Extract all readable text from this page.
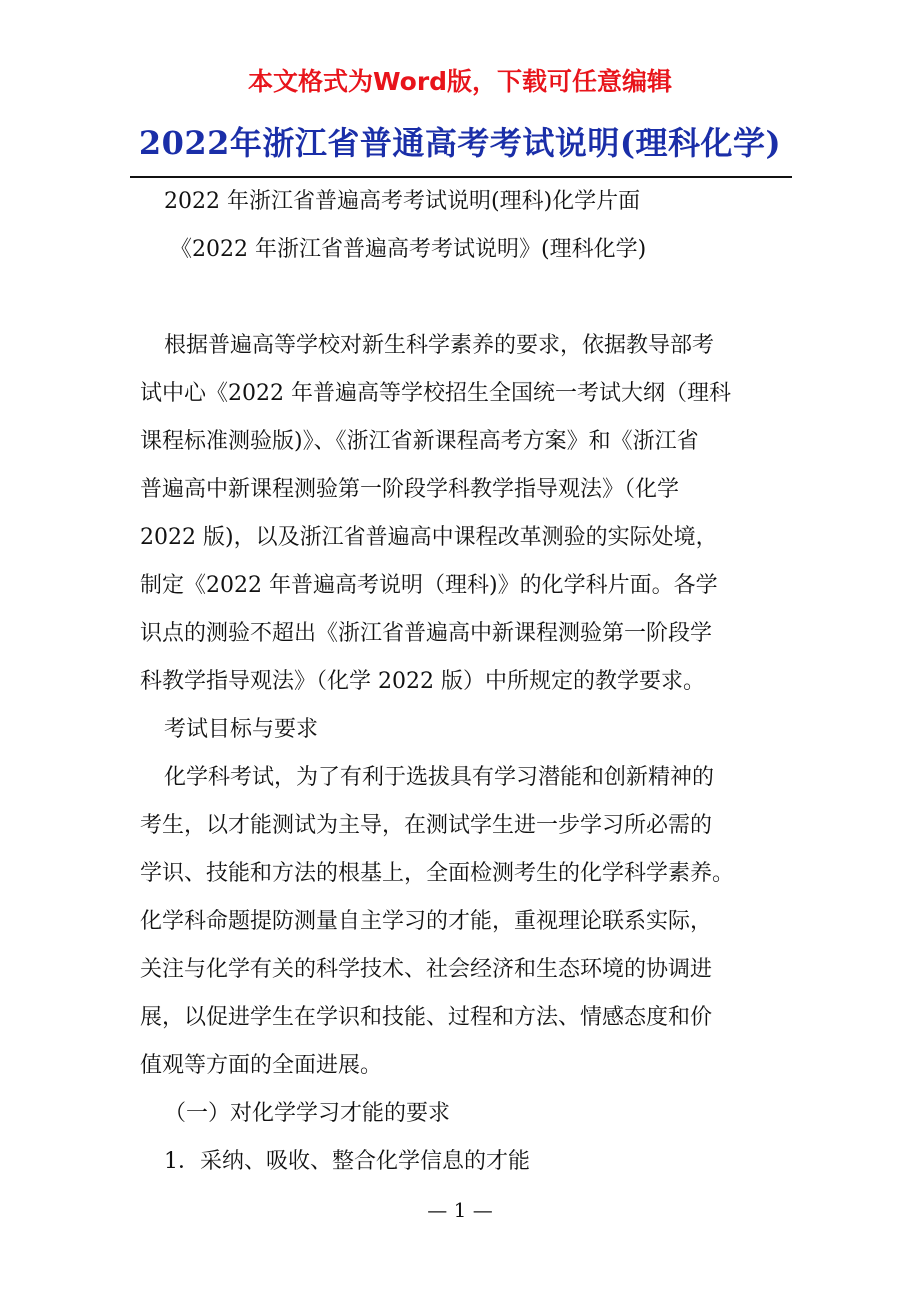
本文格式为Word版，下载可任意编辑
2022年浙江省普通高考考试说明(理科化学)
2022 年浙江省普遍高考考试说明(理科)化学片面
《2022 年浙江省普遍高考考试说明》(理科化学)
根据普遍高等学校对新生科学素养的要求，依据教导部考
试中心《2022 年普遍高等学校招生全国统一考试大纲（理科
课程标准测验版)》、《浙江省新课程高考方案》和《浙江省
普遍高中新课程测验第一阶段学科教学指导观法》（化学
2022 版)，以及浙江省普遍高中课程改革测验的实际处境，
制定《2022 年普遍高考说明（理科)》的化学科片面。各学
识点的测验不超出《浙江省普遍高中新课程测验第一阶段学
科教学指导观法》（化学 2022 版）中所规定的教学要求。
考试目标与要求
化学科考试，为了有利于选拔具有学习潜能和创新精神的
考生，以才能测试为主导，在测试学生进一步学习所必需的
学识、技能和方法的根基上，全面检测考生的化学科学素养。
化学科命题提防测量自主学习的才能，重视理论联系实际，
关注与化学有关的科学技术、社会经济和生态环境的协调进
展，以促进学生在学识和技能、过程和方法、情感态度和价
值观等方面的全面进展。
（一）对化学学习才能的要求
1．采纳、吸收、整合化学信息的才能
— 1 —
